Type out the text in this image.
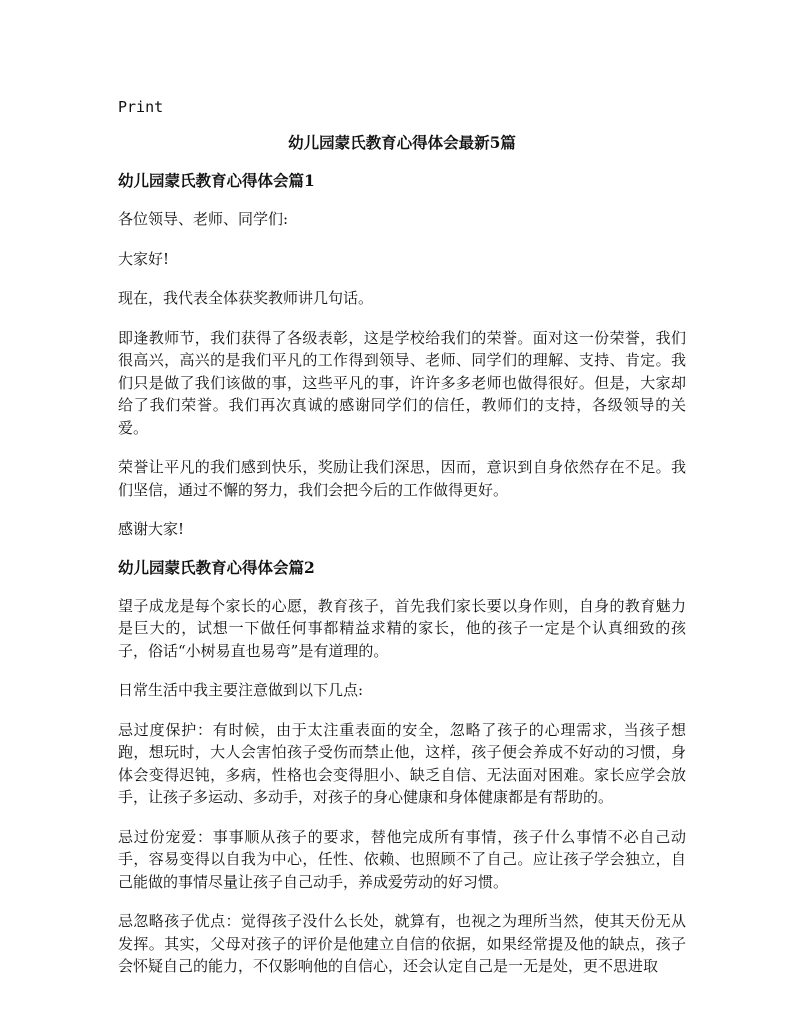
Print
幼儿园蒙氏教育心得体会最新5篇
幼儿园蒙氏教育心得体会篇1

各位领导、老师、同学们:

大家好!

现在，我代表全体获奖教师讲几句话。

即逢教师节，我们获得了各级表彰，这是学校给我们的荣誉。面对这一份荣誉，我们很高兴，高兴的是我们平凡的工作得到领导、老师、同学们的理解、支持、肯定。我们只是做了我们该做的事，这些平凡的事，许许多多老师也做得很好。但是，大家却给了我们荣誉。我们再次真诚的感谢同学们的信任，教师们的支持，各级领导的关爱。

荣誉让平凡的我们感到快乐，奖励让我们深思，因而，意识到自身依然存在不足。我们坚信，通过不懈的努力，我们会把今后的工作做得更好。

感谢大家!

幼儿园蒙氏教育心得体会篇2

望子成龙是每个家长的心愿，教育孩子，首先我们家长要以身作则，自身的教育魅力是巨大的，试想一下做任何事都精益求精的家长，他的孩子一定是个认真细致的孩子，俗话“小树易直也易弯”是有道理的。

日常生活中我主要注意做到以下几点:

忌过度保护：有时候，由于太注重表面的安全，忽略了孩子的心理需求，当孩子想跑，想玩时，大人会害怕孩子受伤而禁止他，这样，孩子便会养成不好动的习惯，身体会变得迟钝，多病，性格也会变得胆小、缺乏自信、无法面对困难。家长应学会放手，让孩子多运动、多动手，对孩子的身心健康和身体健康都是有帮助的。

忌过份宠爱：事事顺从孩子的要求，替他完成所有事情，孩子什么事情不必自己动手，容易变得以自我为中心，任性、依赖、也照顾不了自己。应让孩子学会独立，自己能做的事情尽量让孩子自己动手，养成爱劳动的好习惯。

忌忽略孩子优点：觉得孩子没什么长处，就算有，也视之为理所当然，使其天份无从发挥。其实，父母对孩子的评价是他建立自信的依据，如果经常提及他的缺点，孩子会怀疑自己的能力，不仅影响他的自信心，还会认定自己是一无是处，更不思进取
